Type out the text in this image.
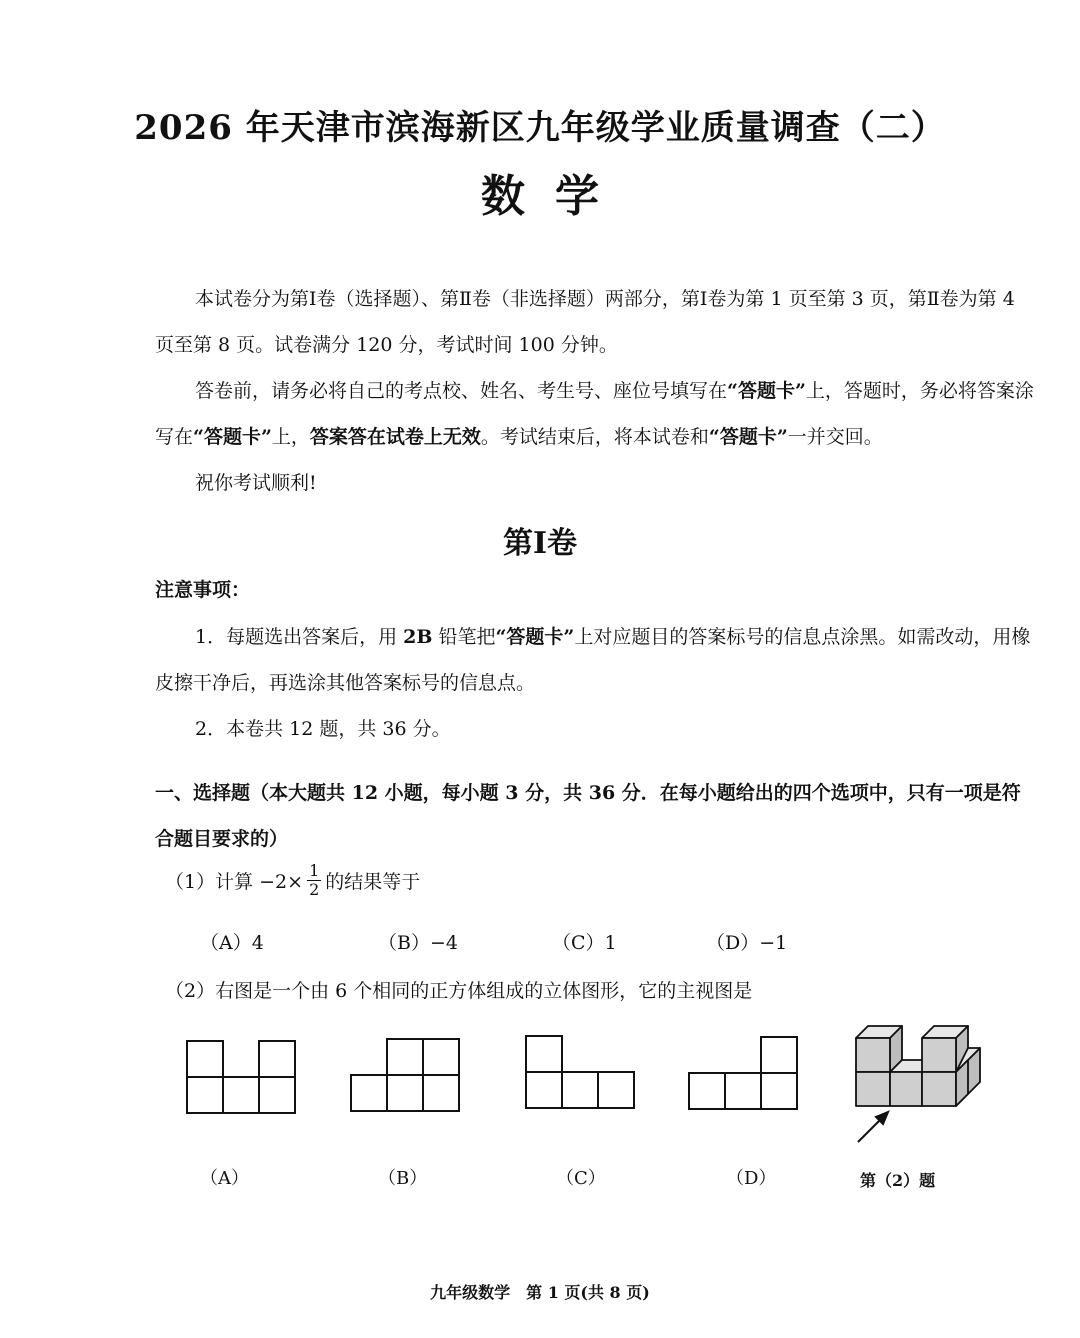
2026 年天津市滨海新区九年级学业质量调查（二）
数学
本试卷分为第Ⅰ卷（选择题）、第Ⅱ卷（非选择题）两部分，第Ⅰ卷为第 1 页至第 3 页，第Ⅱ卷为第 4 页至第 8 页。试卷满分 120 分，考试时间 100 分钟。
答卷前，请务必将自己的考点校、姓名、考生号、座位号填写在“答题卡”上，答题时，务必将答案涂写在“答题卡”上，答案答在试卷上无效。考试结束后，将本试卷和“答题卡”一并交回。
祝你考试顺利!
第Ⅰ卷
注意事项：
1．每题选出答案后，用 2B 铅笔把“答题卡”上对应题目的答案标号的信息点涂黑。如需改动，用橡皮擦干净后，再选涂其他答案标号的信息点。
2．本卷共 12 题，共 36 分。
一、选择题（本大题共 12 小题，每小题 3 分，共 36 分．在每小题给出的四个选项中，只有一项是符合题目要求的）
（1）计算 $-2\times \frac{1}{2}$ 的结果等于
（A）4	（B）−4	（C）1	（D）−1
（2）右图是一个由 6 个相同的正方体组成的立体图形，它的主视图是
（A）	（B）	（C）	（D）	第（2）题
九年级数学　第 1 页(共 8 页)
